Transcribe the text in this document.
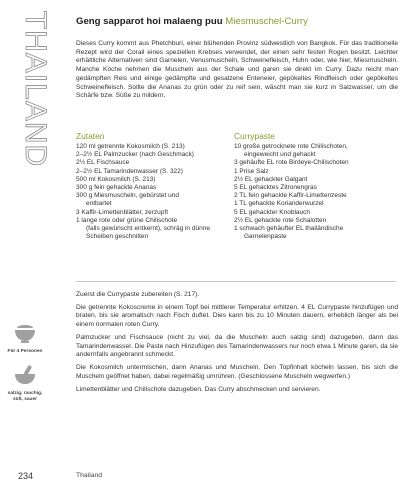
THAILAND Geng sapparot hoi malaeng puu Miesmuschel-Curry
Dieses Curry kommt aus Phetchburi, einer blühenden Provinz südwestlich von Bangkok. Für das traditionelle Rezept wird der Corail eines speziellen Krebses verwendet, der einen sehr festen Rogen besitzt. Leichter erhältliche Alternativen sind Garnelen, Venusmuscheln, Schweinefleisch, Huhn oder, wie hier, Miesmuscheln. Manche Köche nehmen die Muscheln aus der Schale und garen sie direkt im Curry. Dazu reicht man gedämpften Reis und einige gedämpfte und gesalzene Enteneier, gepökeltes Rindfleisch oder gepökeltes Schweinefleisch. Sollte die Ananas zu grün oder zu reif sein, wäscht man sie kurz in Salzwasser, um die Schärfe bzw. Süße zu mildern.
Zutaten
120 ml getrennte Kokosmilch (S. 213)
2–2½ EL Palmzucker (nach Geschmack)
2½ EL Fischsauce
2–2½ EL Tamarindenwasser (S. 322)
500 ml Kokosmilch (S. 213)
300 g fein gehackte Ananas
300 g Miesmuscheln, gebürstet und
entbartet
3 Kaffir-Limettenblätter, zerzupft
1 lange rote oder grüne Chilischote
(falls gewünscht entkernt), schräg in dünne
Scheiben geschnitten
Currypaste
10 große getrocknete rote Chilischoten,
eingeweicht und gehackt
3 gehäufte EL rote Birdeye-Chilischoten
1 Prise Salz
2½ EL gehackter Galgant
5 EL gehacktes Zitronengras
2 TL fein gehackte Kaffir-Limettenzeste
1 TL gehackte Korianderwurzel
5 EL gehackter Knoblauch
2½ EL gehackte rote Schalotten
1 schwach gehäufter EL thailändische
Garnelenpaste

Zuerst die Currypaste zubereiten (S. 217).

Die getrennte Kokoscreme in einem Topf bei mittlerer Temperatur erhitzen. 4 EL Currypaste hinzufügen und braten, bis sie aromatisch nach Fisch duftet. Dies kann bis zu 10 Minuten dauern, erheblich länger als bei einem normalen roten Curry.

Palmzucker und Fischsauce (nicht zu viel, da die Muscheln auch salzig sind) dazugeben, dann das Tamarindenwasser. Die Paste nach Hinzufügen des Tamarindenwassers nur noch etwa 1 Minute garen, da sie andernfalls angebrannt schmeckt.

Die Kokosmilch untermischen, dann Ananas und Muscheln. Den Topfinhalt köcheln lassen, bis sich die Muscheln geöffnet haben, dabei regelmäßig umrühren. (Geschlossene Muscheln wegwerfen.)

Limettenblätter und Chilischote dazugeben. Das Curry abschmecken und servieren.

Für 4 Personen
salzig, rauchig, süß, sauer
234	Thailand
